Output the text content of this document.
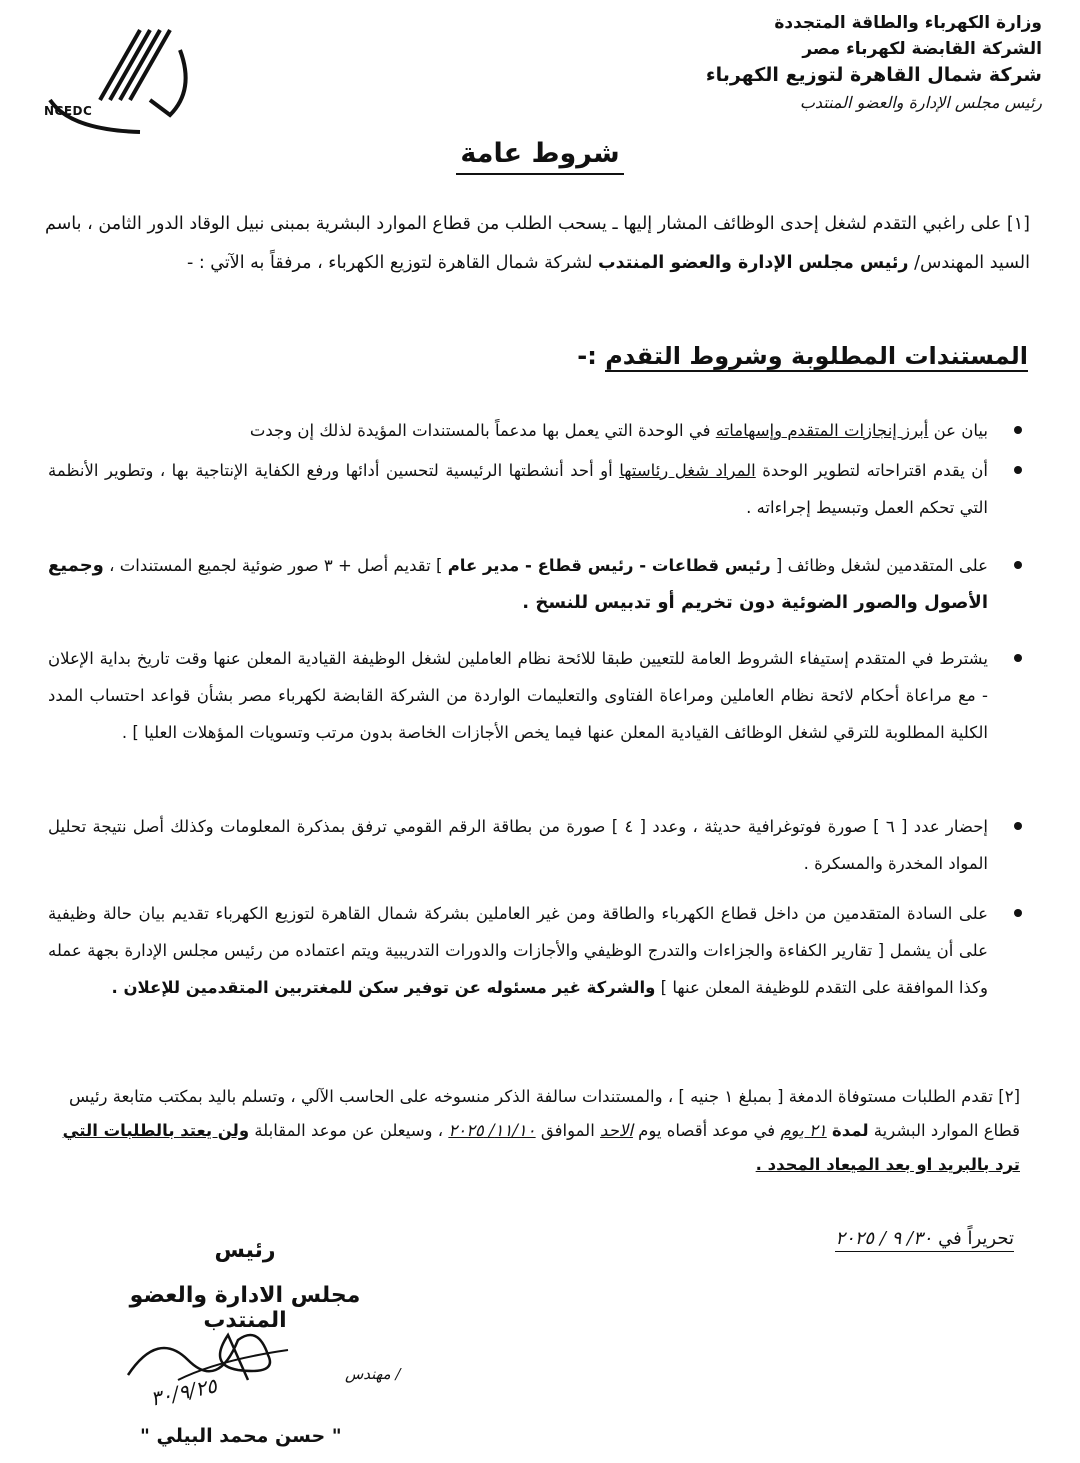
NCEDC
وزارة الكهرباء والطاقة المتجددة
الشركة القابضة لكهرباء مصر
شركة شمال القاهرة لتوزيع الكهرباء
رئيس مجلس الإدارة والعضو المنتدب
شروط عامة
[١] على راغبي التقدم لشغل إحدى الوظائف المشار إليها ـ يسحب الطلب من قطاع الموارد البشرية بمبنى نبيل الوقاد الدور الثامن ، باسم السيد المهندس/ رئيس مجلس الإدارة والعضو المنتدب لشركة شمال القاهرة لتوزيع الكهرباء ، مرفقاً به الآتي : -
المستندات المطلوبة وشروط التقدم :-
بيان عن أبرز إنجازات المتقدم وإسهاماته في الوحدة التي يعمل بها مدعماً بالمستندات المؤيدة لذلك إن وجدت
أن يقدم اقتراحاته لتطوير الوحدة المراد شغل رئاستها أو أحد أنشطتها الرئيسية لتحسين أدائها ورفع الكفاية الإنتاجية بها ، وتطوير الأنظمة التي تحكم العمل وتبسيط إجراءاته .
على المتقدمين لشغل وظائف [ رئيس قطاعات - رئيس قطاع - مدير عام ] تقديم أصل + ٣ صور ضوئية لجميع المستندات ، وجميع الأصول والصور الضوئية دون تخريم أو تدبيس للنسخ .
يشترط في المتقدم إستيفاء الشروط العامة للتعيين طبقا للائحة نظام العاملين لشغل الوظيفة القيادية المعلن عنها وقت تاريخ بداية الإعلان - مع مراعاة أحكام لائحة نظام العاملين ومراعاة الفتاوى والتعليمات الواردة من الشركة القابضة لكهرباء مصر بشأن قواعد احتساب المدد الكلية المطلوبة للترقي لشغل الوظائف القيادية المعلن عنها فيما يخص الأجازات الخاصة بدون مرتب وتسويات المؤهلات العليا ] .
إحضار عدد [ ٦ ] صورة فوتوغرافية حديثة ، وعدد [ ٤ ] صورة من بطاقة الرقم القومي ترفق بمذكرة المعلومات وكذلك أصل نتيجة تحليل المواد المخدرة والمسكرة .
على السادة المتقدمين من داخل قطاع الكهرباء والطاقة ومن غير العاملين بشركة شمال القاهرة لتوزيع الكهرباء تقديم بيان حالة وظيفية على أن يشمل [ تقارير الكفاءة والجزاءات والتدرج الوظيفي والأجازات والدورات التدريبية ويتم اعتماده من رئيس مجلس الإدارة بجهة عمله وكذا الموافقة على التقدم للوظيفة المعلن عنها ] والشركة غير مسئوله عن توفير سكن للمغتربين المتقدمين للإعلان .
[٢] تقدم الطلبات مستوفاة الدمغة [ بمبلغ ١ جنيه ] ، والمستندات سالفة الذكر منسوخه على الحاسب الآلي ، وتسلم باليد بمكتب متابعة رئيس قطاع الموارد البشرية لمدة ٢١ يوم في موعد أقصاه يوم الاحد الموافق ١١/١٠/ ٢٠٢٥ ، وسيعلن عن موعد المقابلة ولن يعتد بالطلبات التي ترد بالبريد او بعد الميعاد المحدد .
تحريراً في ٣٠/ ٩ / ٢٠٢٥
رئيس
مجلس الادارة والعضو المنتدب
مهندس /
٣٠/٩/٢٥
" حسن محمد البيلي "
